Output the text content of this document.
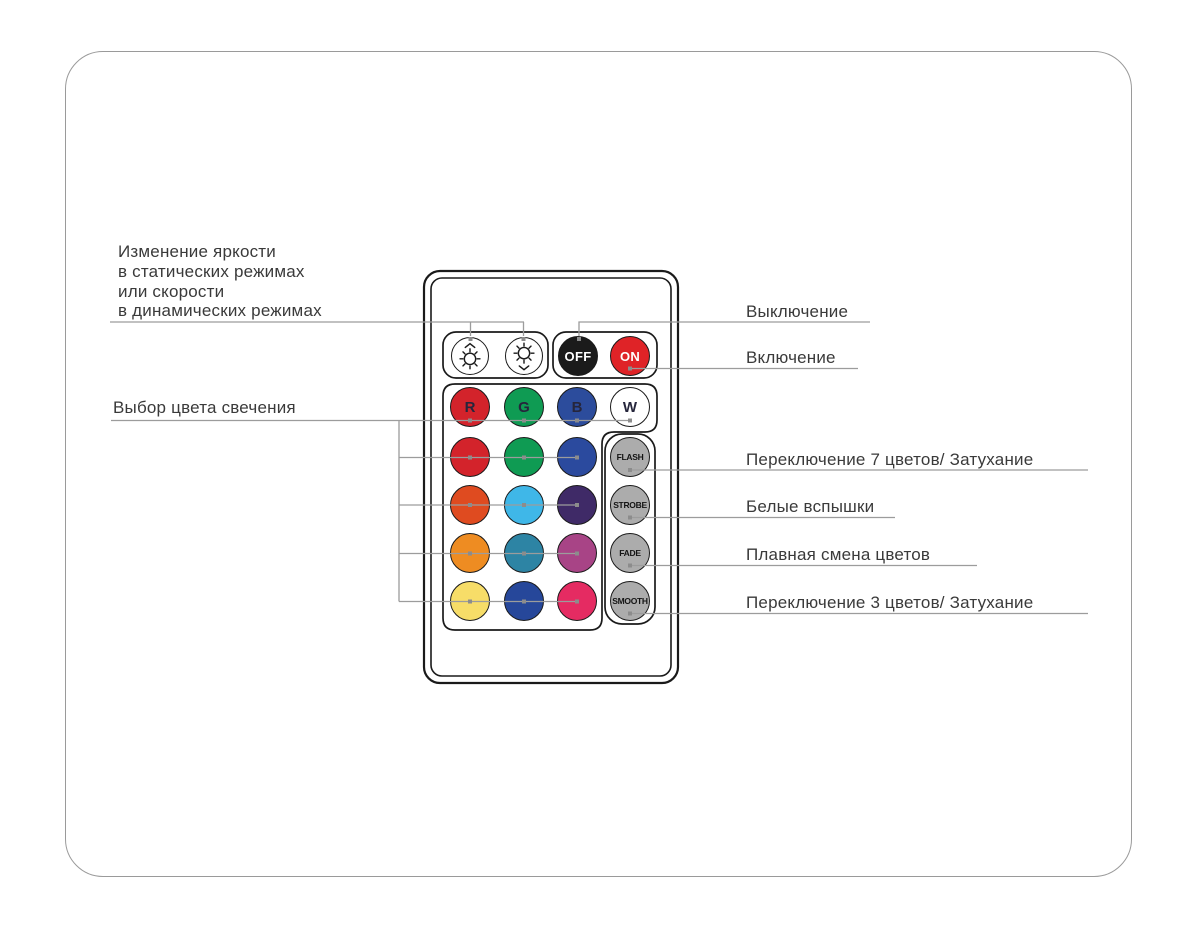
OFF ON
R	G	B	W
FLASH
STROBE
FADE
SMOOTH
Изменение яркости
в статических режимах
или скорости
в динамических режимах
Выбор цвета свечения
Выключение
Включение
Переключение 7 цветов/ Затухание
Белые вспышки
Плавная смена цветов
Переключение 3 цветов/ Затухание
